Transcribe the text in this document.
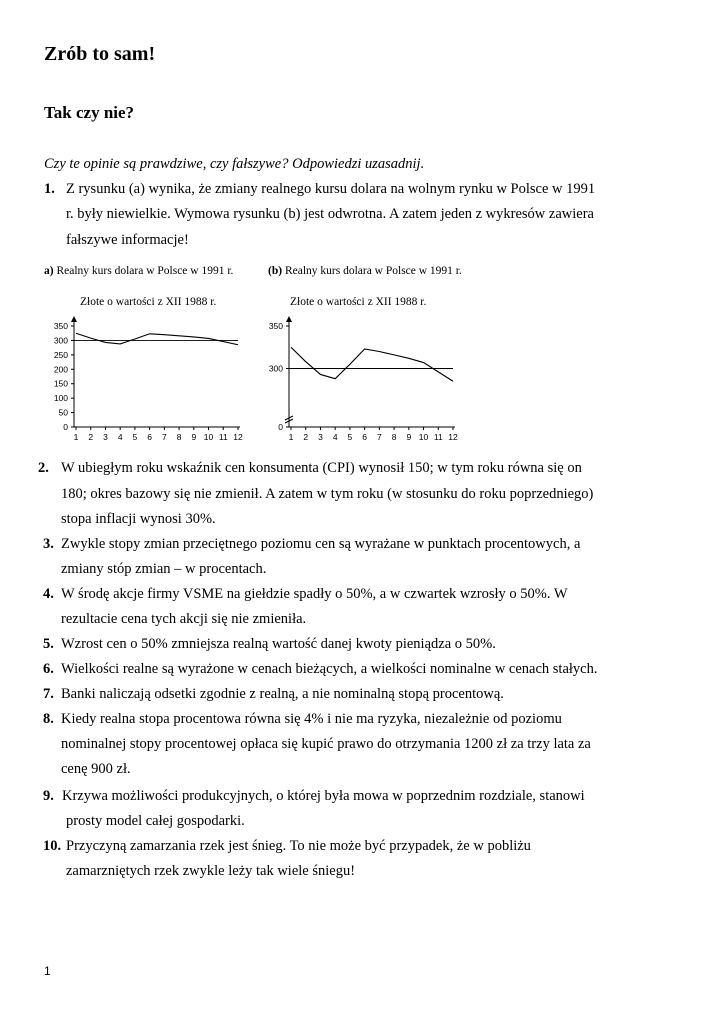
Zrób to sam!
Tak czy nie?
Czy te opinie są prawdziwe, czy fałszywe? Odpowiedzi uzasadnij.
1. Z rysunku (a) wynika, że zmiany realnego kursu dolara na wolnym rynku w Polsce w 1991
r. były niewielkie. Wymowa rysunku (b) jest odwrotna. A zatem jeden z wykresów zawiera
fałszywe informacje!
a) Realny kurs dolara w Polsce w 1991 r.	(b) Realny kurs dolara w Polsce w 1991 r.
Złote o wartości z XII 1988 r.	Złote o wartości z XII 1988 r.
0
50
100
150
200
250
300
350
1 2 3 4 5 6 7 8 9 10 11 12
0
300
350
1 2 3 4 5 6 7 8 9 10 11 12
2. W ubiegłym roku wskaźnik cen konsumenta (CPI) wynosił 150; w tym roku równa się on
180; okres bazowy się nie zmienił. A zatem w tym roku (w stosunku do roku poprzedniego)
stopa inflacji wynosi 30%.
3. Zwykle stopy zmian przeciętnego poziomu cen są wyrażane w punktach procentowych, a
zmiany stóp zmian – w procentach.
4. W środę akcje firmy VSME na giełdzie spadły o 50%, a w czwartek wzrosły o 50%. W
rezultacie cena tych akcji się nie zmieniła.
5. Wzrost cen o 50% zmniejsza realną wartość danej kwoty pieniądza o 50%.
6. Wielkości realne są wyrażone w cenach bieżących, a wielkości nominalne w cenach stałych.
7. Banki naliczają odsetki zgodnie z realną, a nie nominalną stopą procentową.
8. Kiedy realna stopa procentowa równa się 4% i nie ma ryzyka, niezależnie od poziomu
nominalnej stopy procentowej opłaca się kupić prawo do otrzymania 1200 zł za trzy lata za
cenę 900 zł.
9. Krzywa możliwości produkcyjnych, o której była mowa w poprzednim rozdziale, stanowi
prosty model całej gospodarki.
10. Przyczyną zamarzania rzek jest śnieg. To nie może być przypadek, że w pobliżu
zamarzniętych rzek zwykle leży tak wiele śniegu!
1
